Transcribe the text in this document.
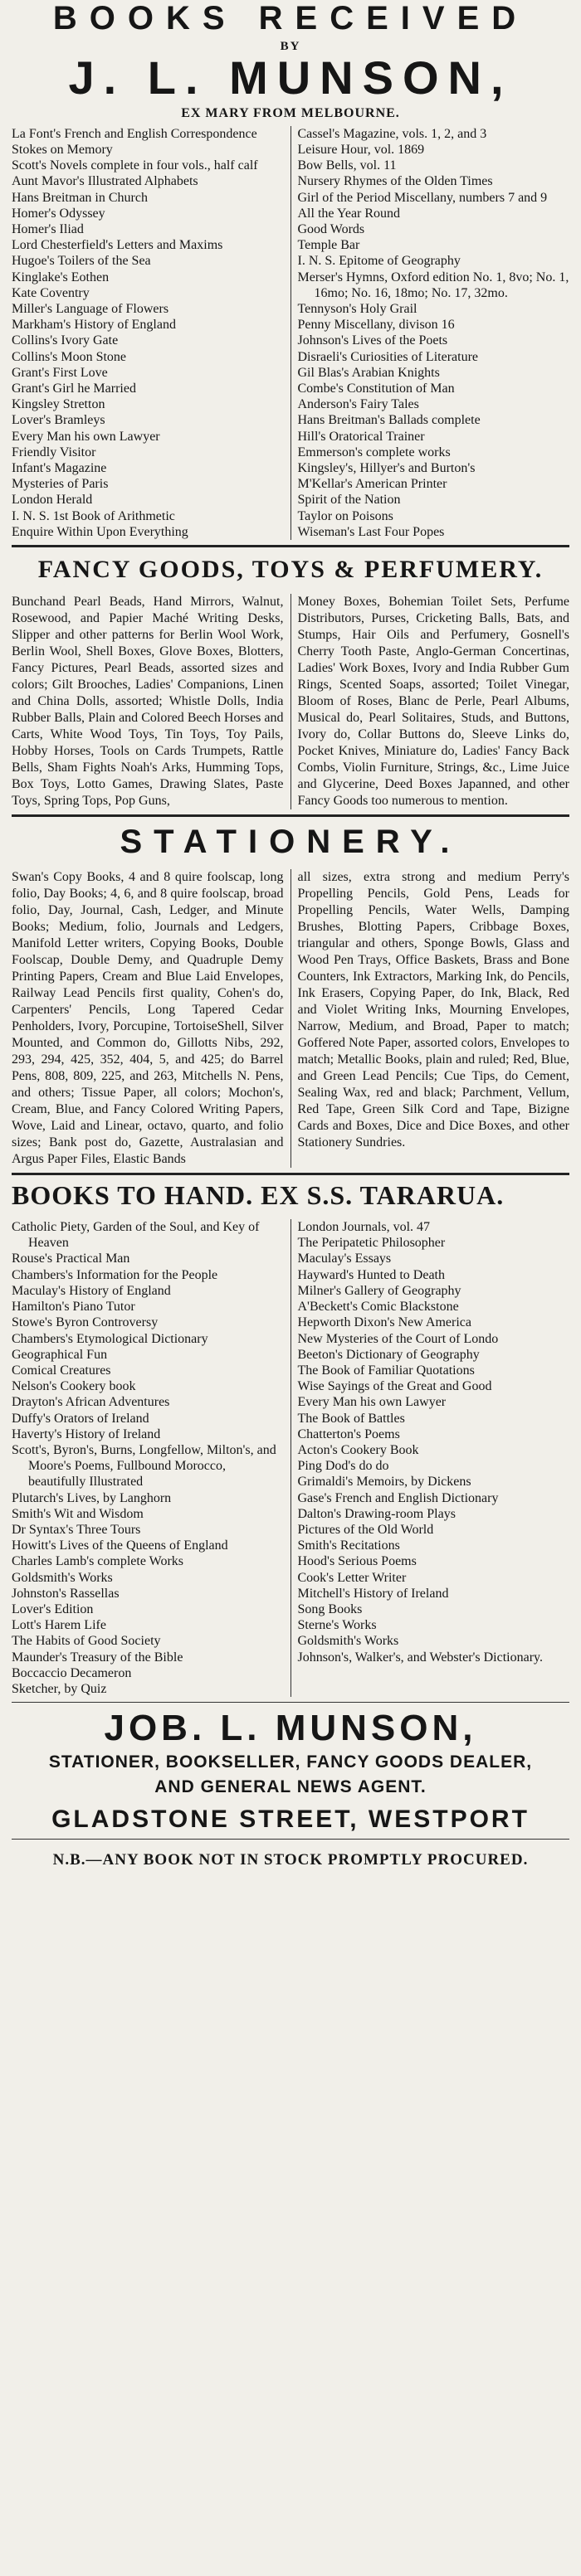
BOOKS RECEIVED
BY
J. L. MUNSON,
EX MARY FROM MELBOURNE.
La Font's French and English Correspondence
Stokes on Memory
Scott's Novels complete in four vols., half calf
Aunt Mavor's Illustrated Alphabets
Hans Breitman in Church
Homer's Odyssey
Homer's Iliad
Lord Chesterfield's Letters and Maxims
Hugoe's Toilers of the Sea
Kinglake's Eothen
Kate Coventry
Miller's Language of Flowers
Markham's History of England
Collins's Ivory Gate
Collins's Moon Stone
Grant's First Love
Grant's Girl he Married
Kingsley Stretton
Lover's Bramleys
Every Man his own Lawyer
Friendly Visitor
Infant's Magazine
Mysteries of Paris
London Herald
I. N. S. 1st Book of Arithmetic
Enquire Within Upon Everything
Cassel's Magazine, vols. 1, 2, and 3
Leisure Hour, vol. 1869
Bow Bells, vol. 11
Nursery Rhymes of the Olden Times
Girl of the Period Miscellany, numbers 7 and 9
All the Year Round
Good Words
Temple Bar
I. N. S. Epitome of Geography
Merser's Hymns, Oxford edition No. 1, 8vo; No. 1, 16mo; No. 16, 18mo; No. 17, 32mo.
Tennyson's Holy Grail
Penny Miscellany, divison 16
Johnson's Lives of the Poets
Disraeli's Curiosities of Literature
Gil Blas's Arabian Knights
Combe's Constitution of Man
Anderson's Fairy Tales
Hans Breitman's Ballads complete
Hill's Oratorical Trainer
Emmerson's complete works
Kingsley's, Hillyer's and Burton's
M'Kellar's American Printer
Spirit of the Nation
Taylor on Poisons
Wiseman's Last Four Popes
FANCY GOODS, TOYS & PERFUMERY.
Bunchand Pearl Beads, Hand Mirrors, Walnut, Rosewood, and Papier Maché Writing Desks, Slipper and other patterns for Berlin Wool Work, Berlin Wool, Shell Boxes, Glove Boxes, Blotters, Fancy Pictures, Pearl Beads, assorted sizes and colors; Gilt Brooches, Ladies' Companions, Linen and China Dolls, assorted; Whistle Dolls, India Rubber Balls, Plain and Colored Beech Horses and Carts, White Wood Toys, Tin Toys, Toy Pails, Hobby Horses, Tools on Cards Trumpets, Rattle Bells, Sham Fights Noah's Arks, Humming Tops, Box Toys, Lotto Games, Drawing Slates, Paste Toys, Spring Tops, Pop Guns,
Money Boxes, Bohemian Toilet Sets, Perfume Distributors, Purses, Cricketing Balls, Bats, and Stumps, Hair Oils and Perfumery, Gosnell's Cherry Tooth Paste, Anglo-German Concertinas, Ladies' Work Boxes, Ivory and India Rubber Gum Rings, Scented Soaps, assorted; Toilet Vinegar, Bloom of Roses, Blanc de Perle, Pearl Albums, Musical do, Pearl Solitaires, Studs, and Buttons, Ivory do, Collar Buttons do, Sleeve Links do, Pocket Knives, Miniature do, Ladies' Fancy Back Combs, Violin Furniture, Strings, &c., Lime Juice and Glycerine, Deed Boxes Japanned, and other Fancy Goods too numerous to mention.
STATIONERY.
Swan's Copy Books, 4 and 8 quire foolscap, long folio, Day Books; 4, 6, and 8 quire foolscap, broad folio, Day, Journal, Cash, Ledger, and Minute Books; Medium, folio, Journals and Ledgers, Manifold Letter writers, Copying Books, Double Foolscap, Double Demy, and Quadruple Demy Printing Papers, Cream and Blue Laid Envelopes, Railway Lead Pencils first quality, Cohen's do, Carpenters' Pencils, Long Tapered Cedar Penholders, Ivory, Porcupine, TortoiseShell, Silver Mounted, and Common do, Gillotts Nibs, 292, 293, 294, 425, 352, 404, 5, and 425; do Barrel Pens, 808, 809, 225, and 263, Mitchells N. Pens, and others; Tissue Paper, all colors; Mochon's, Cream, Blue, and Fancy Colored Writing Papers, Wove, Laid and Linear, octavo, quarto, and folio sizes; Bank post do, Gazette, Australasian and Argus Paper Files, Elastic Bands
all sizes, extra strong and medium Perry's Propelling Pencils, Gold Pens, Leads for Propelling Pencils, Water Wells, Damping Brushes, Blotting Papers, Cribbage Boxes, triangular and others, Sponge Bowls, Glass and Wood Pen Trays, Office Baskets, Brass and Bone Counters, Ink Extractors, Marking Ink, do Pencils, Ink Erasers, Copying Paper, do Ink, Black, Red and Violet Writing Inks, Mourning Envelopes, Narrow, Medium, and Broad, Paper to match; Goffered Note Paper, assorted colors, Envelopes to match; Metallic Books, plain and ruled; Red, Blue, and Green Lead Pencils; Cue Tips, do Cement, Sealing Wax, red and black; Parchment, Vellum, Red Tape, Green Silk Cord and Tape, Bizigne Cards and Boxes, Dice and Dice Boxes, and other Stationery Sundries.
BOOKS TO HAND. EX S.S. TARARUA.
Catholic Piety, Garden of the Soul, and Key of Heaven
Rouse's Practical Man
Chambers's Information for the People
Maculay's History of England
Hamilton's Piano Tutor
Stowe's Byron Controversy
Chambers's Etymological Dictionary
Geographical Fun
Comical Creatures
Nelson's Cookery book
Drayton's African Adventures
Duffy's Orators of Ireland
Haverty's History of Ireland
Scott's, Byron's, Burns, Longfellow, Milton's, and Moore's Poems, Fullbound Morocco, beautifully Illustrated
Plutarch's Lives, by Langhorn
Smith's Wit and Wisdom
Dr Syntax's Three Tours
Howitt's Lives of the Queens of England
Charles Lamb's complete Works
Goldsmith's Works
Johnston's Rassellas
Lover's Edition
Lott's Harem Life
The Habits of Good Society
Maunder's Treasury of the Bible
Boccaccio Decameron
Sketcher, by Quiz
London Journals, vol. 47
The Peripatetic Philosopher
Maculay's Essays
Hayward's Hunted to Death
Milner's Gallery of Geography
A'Beckett's Comic Blackstone
Hepworth Dixon's New America
New Mysteries of the Court of Londo
Beeton's Dictionary of Geography
The Book of Familiar Quotations
Wise Sayings of the Great and Good
Every Man his own Lawyer
The Book of Battles
Chatterton's Poems
Acton's Cookery Book
Ping Dod's do do
Grimaldi's Memoirs, by Dickens
Gase's French and English Dictionary
Dalton's Drawing-room Plays
Pictures of the Old World
Smith's Recitations
Hood's Serious Poems
Cook's Letter Writer
Mitchell's History of Ireland
Song Books
Sterne's Works
Goldsmith's Works
Johnson's, Walker's, and Webster's Dictionary.
JOB. L. MUNSON,
STATIONER, BOOKSELLER, FANCY GOODS DEALER,
AND GENERAL NEWS AGENT.
GLADSTONE STREET, WESTPORT
N.B.—ANY BOOK NOT IN STOCK PROMPTLY PROCURED.
